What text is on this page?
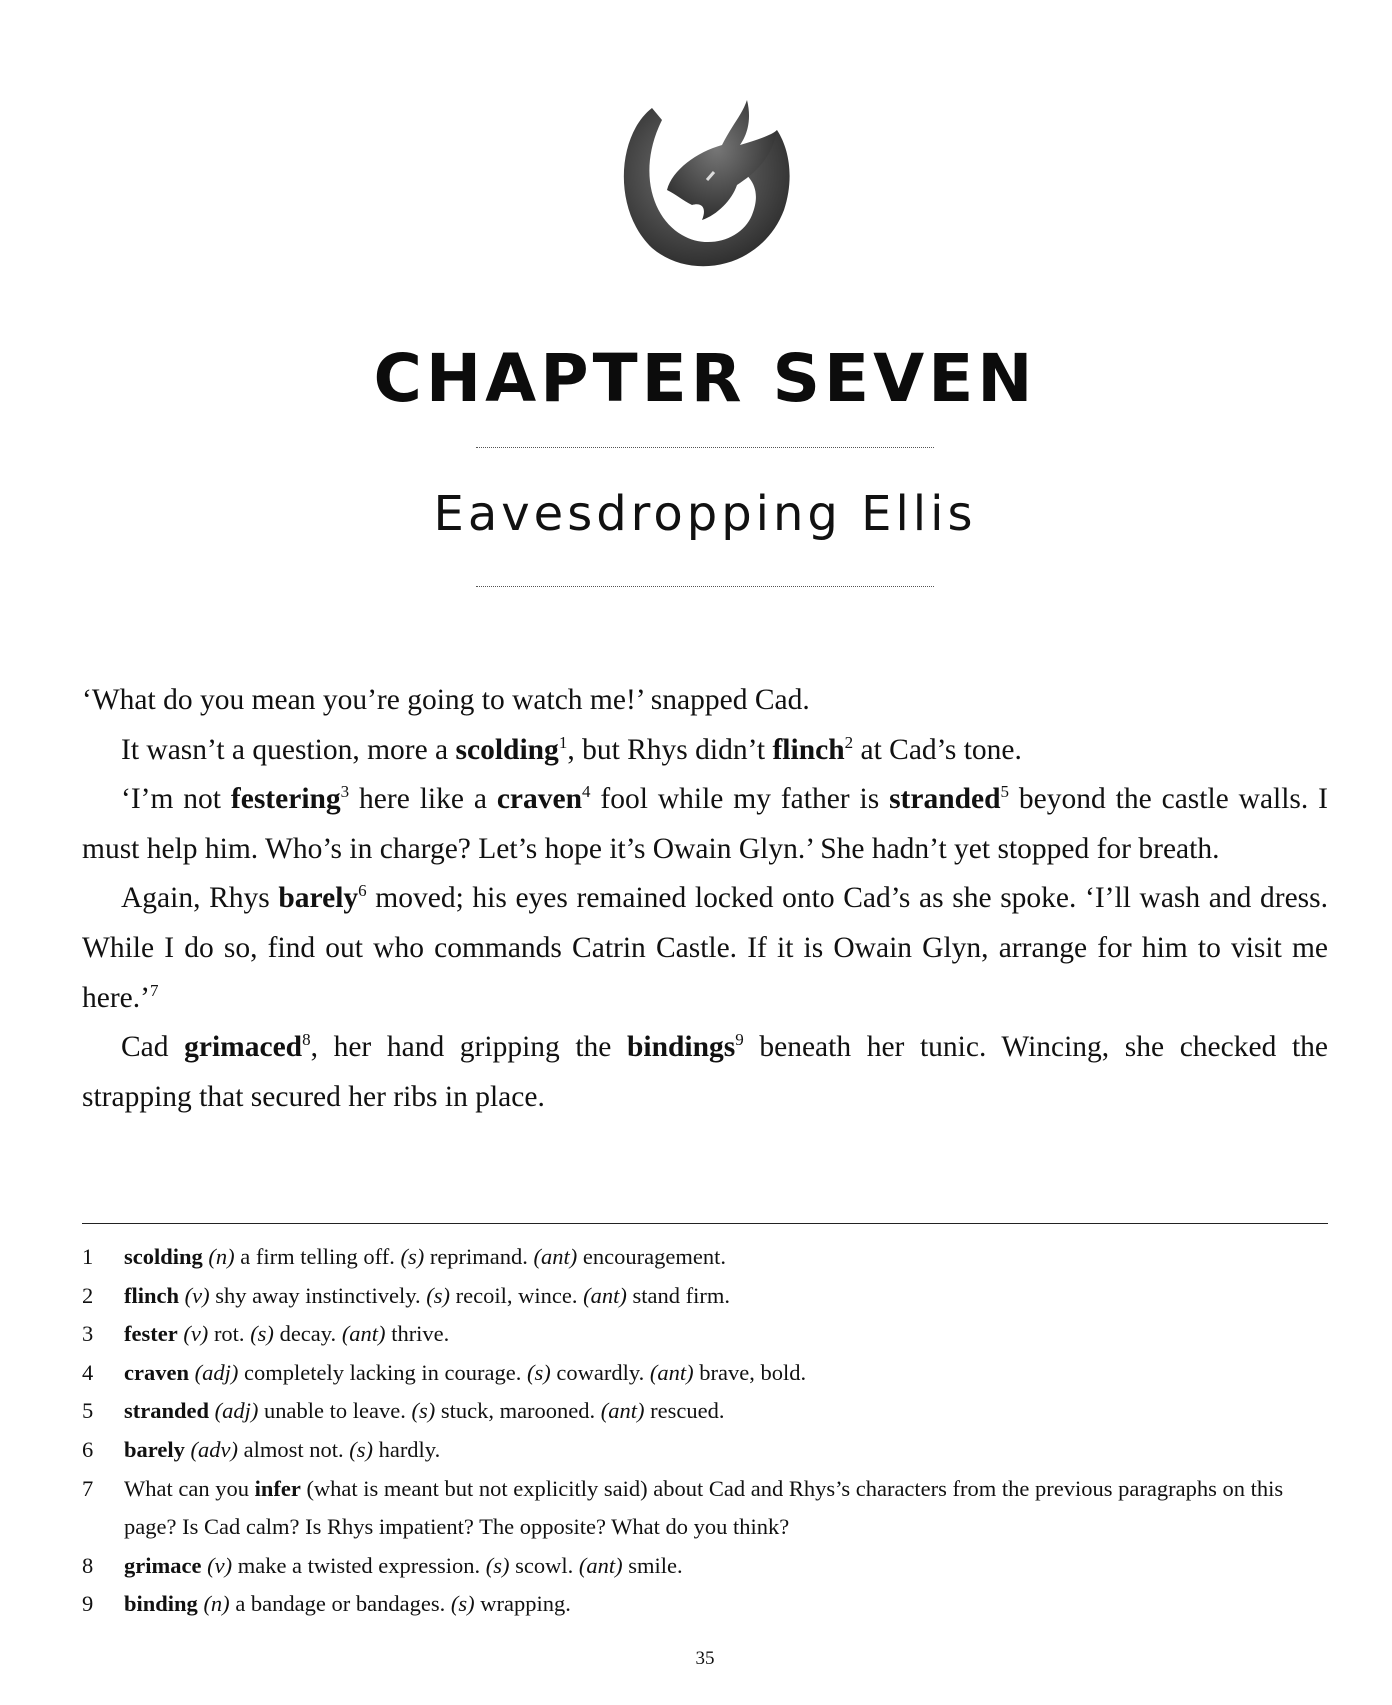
CHAPTER SEVEN
Eavesdropping Ellis

‘What do you mean you’re going to watch me!’ snapped Cad.

It wasn’t a question, more a scolding$^1$, but Rhys didn’t flinch$^2$ at Cad’s tone.

‘I’m not festering$^3$ here like a craven$^4$ fool while my father is stranded$^5$ beyond the castle walls. I must help him. Who’s in charge? Let’s hope it’s Owain Glyn.’ She hadn’t yet stopped for breath.

Again, Rhys barely$^6$ moved; his eyes remained locked onto Cad’s as she spoke. ‘I’ll wash and dress. While I do so, find out who commands Catrin Castle. If it is Owain Glyn, arrange for him to visit me here.’$^7$

Cad grimaced$^8$, her hand gripping the bindings$^9$ beneath her tunic. Wincing, she checked the strapping that secured her ribs in place.

1	scolding (n) a firm telling off. (s) reprimand. (ant) encouragement.
2	flinch (v) shy away instinctively. (s) recoil, wince. (ant) stand firm.
3	fester (v) rot. (s) decay. (ant) thrive.
4	craven (adj) completely lacking in courage. (s) cowardly. (ant) brave, bold.
5	stranded (adj) unable to leave. (s) stuck, marooned. (ant) rescued.
6	barely (adv) almost not. (s) hardly.
7	What can you infer (what is meant but not explicitly said) about Cad and Rhys’s characters from the previous paragraphs on this page? Is Cad calm? Is Rhys impatient? The opposite? What do you think?
8	grimace (v) make a twisted expression. (s) scowl. (ant) smile.
9	binding (n) a bandage or bandages. (s) wrapping.
35
